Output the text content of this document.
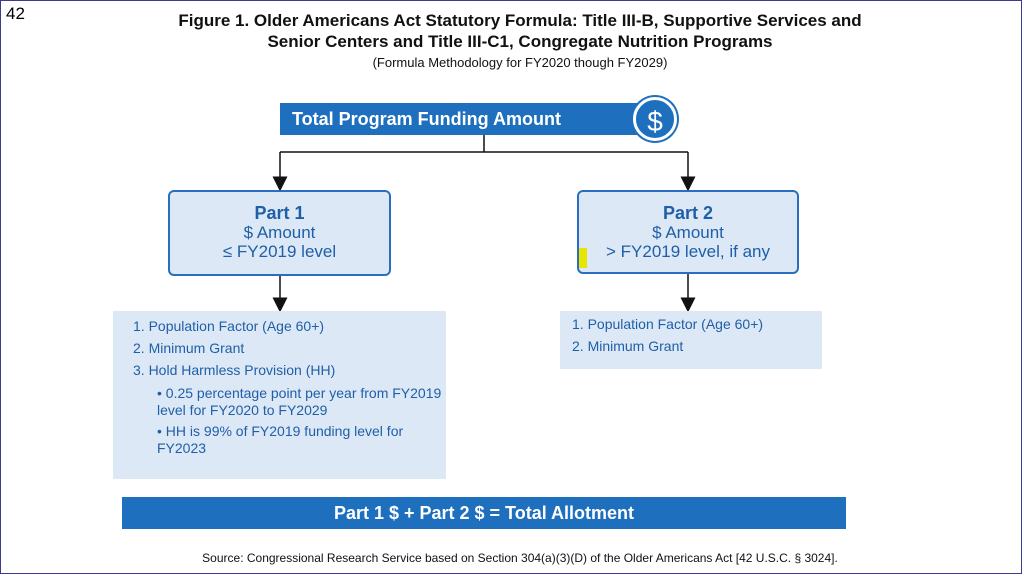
42	Figure 1. Older Americans Act Statutory Formula: Title III-B, Supportive Services and
Senior Centers and Title III-C1, Congregate Nutrition Programs
(Formula Methodology for FY2020 though FY2029)
Total Program Funding Amount	$
Part 1
$ Amount
≤ FY2019 level
Part 2
$ Amount
> FY2019 level, if any
1. Population Factor (Age 60+)
2. Minimum Grant
3. Hold Harmless Provision (HH)
• 0.25 percentage point per year from FY2019 level for FY2020 to FY2029
• HH is 99% of FY2019 funding level for FY2023
1. Population Factor (Age 60+)
2. Minimum Grant
Part 1 $ + Part 2 $ = Total Allotment
Source: Congressional Research Service based on Section 304(a)(3)(D) of the Older Americans Act [42 U.S.C. § 3024].
